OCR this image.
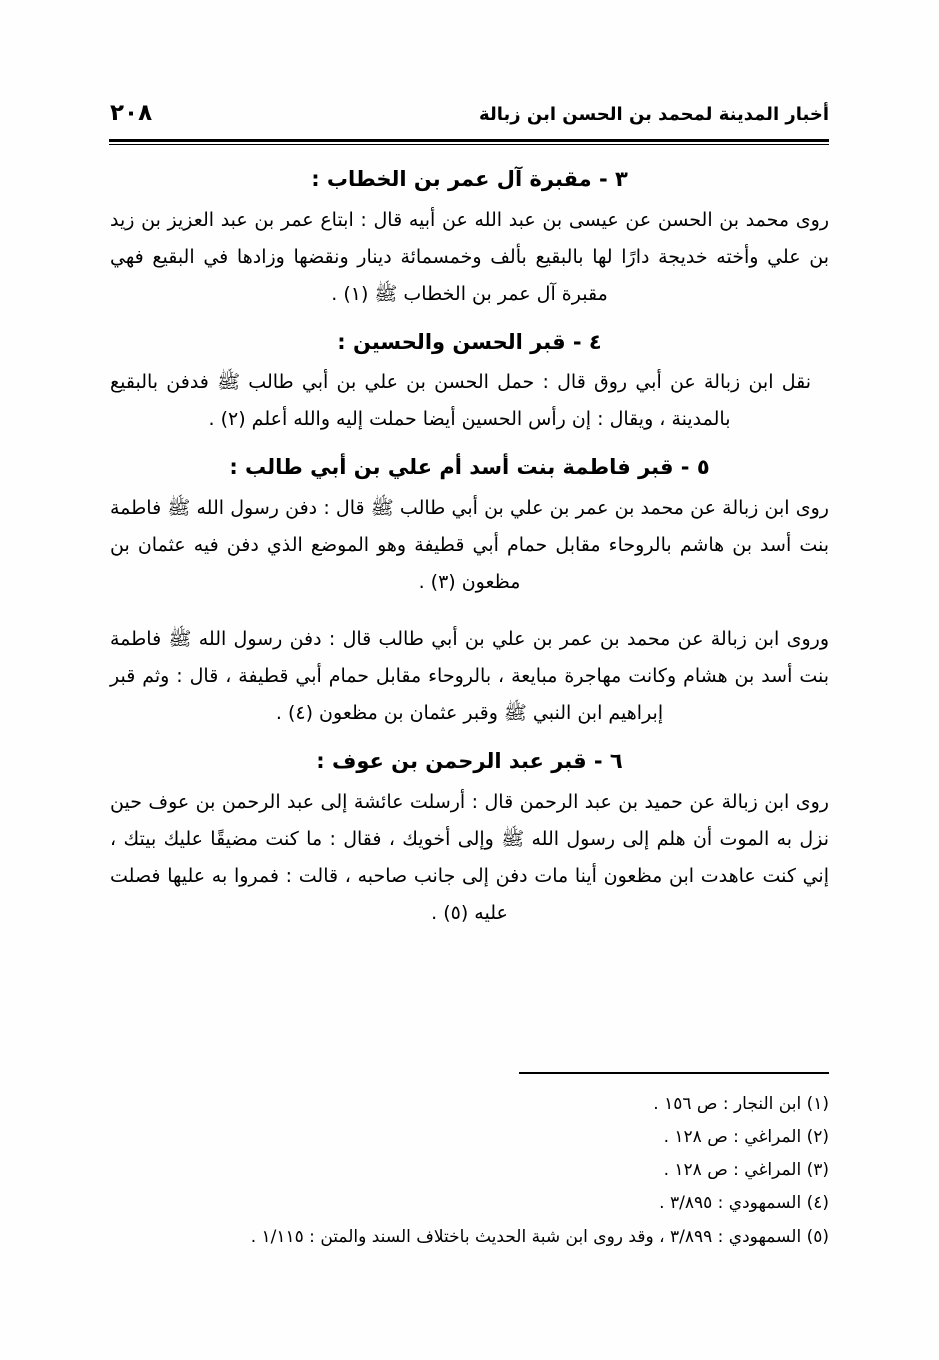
أخبار المدينة لمحمد بن الحسن ابن زبالة
٢٠٨
٣ - مقبرة آل عمر بن الخطاب :
روى محمد بن الحسن عن عيسى بن عبد الله عن أبيه قال : ابتاع عمر بن عبد العزيز بن زيد بن علي وأخته خديجة دارًا لها بالبقيع بألف وخمسمائة دينار ونقضها وزادها في البقيع فهي مقبرة آل عمر بن الخطاب ﷺ (١) .
٤ - قبر الحسن والحسين :
نقل ابن زبالة عن أبي روق قال : حمل الحسن بن علي بن أبي طالب ﷺ فدفن بالبقيع بالمدينة ، ويقال : إن رأس الحسين أيضا حملت إليه والله أعلم (٢) .
٥ - قبر فاطمة بنت أسد أم علي بن أبي طالب :
روى ابن زبالة عن محمد بن عمر بن علي بن أبي طالب ﷺ قال : دفن رسول الله ﷺ فاطمة بنت أسد بن هاشم بالروحاء مقابل حمام أبي قطيفة وهو الموضع الذي دفن فيه عثمان بن مظعون (٣) .
وروى ابن زبالة عن محمد بن عمر بن علي بن أبي طالب قال : دفن رسول الله ﷺ فاطمة بنت أسد بن هشام وكانت مهاجرة مبايعة ، بالروحاء مقابل حمام أبي قطيفة ، قال : وثم قبر إبراهيم ابن النبي ﷺ وقبر عثمان بن مظعون (٤) .
٦ - قبر عبد الرحمن بن عوف :
روى ابن زبالة عن حميد بن عبد الرحمن قال : أرسلت عائشة إلى عبد الرحمن بن عوف حين نزل به الموت أن هلم إلى رسول الله ﷺ وإلى أخويك ، فقال : ما كنت مضيقًا عليك بيتك ، إني كنت عاهدت ابن مظعون أينا مات دفن إلى جانب صاحبه ، قالت : فمروا به عليها فصلت عليه (٥) .
(١) ابن النجار : ص ١٥٦ .
(٢) المراغي : ص ١٢٨ .
(٣) المراغي : ص ١٢٨ .
(٤) السمهودي : ٣/٨٩٥ .
(٥) السمهودي : ٣/٨٩٩ ، وقد روى ابن شبة الحديث باختلاف السند والمتن : ١/١١٥ .
